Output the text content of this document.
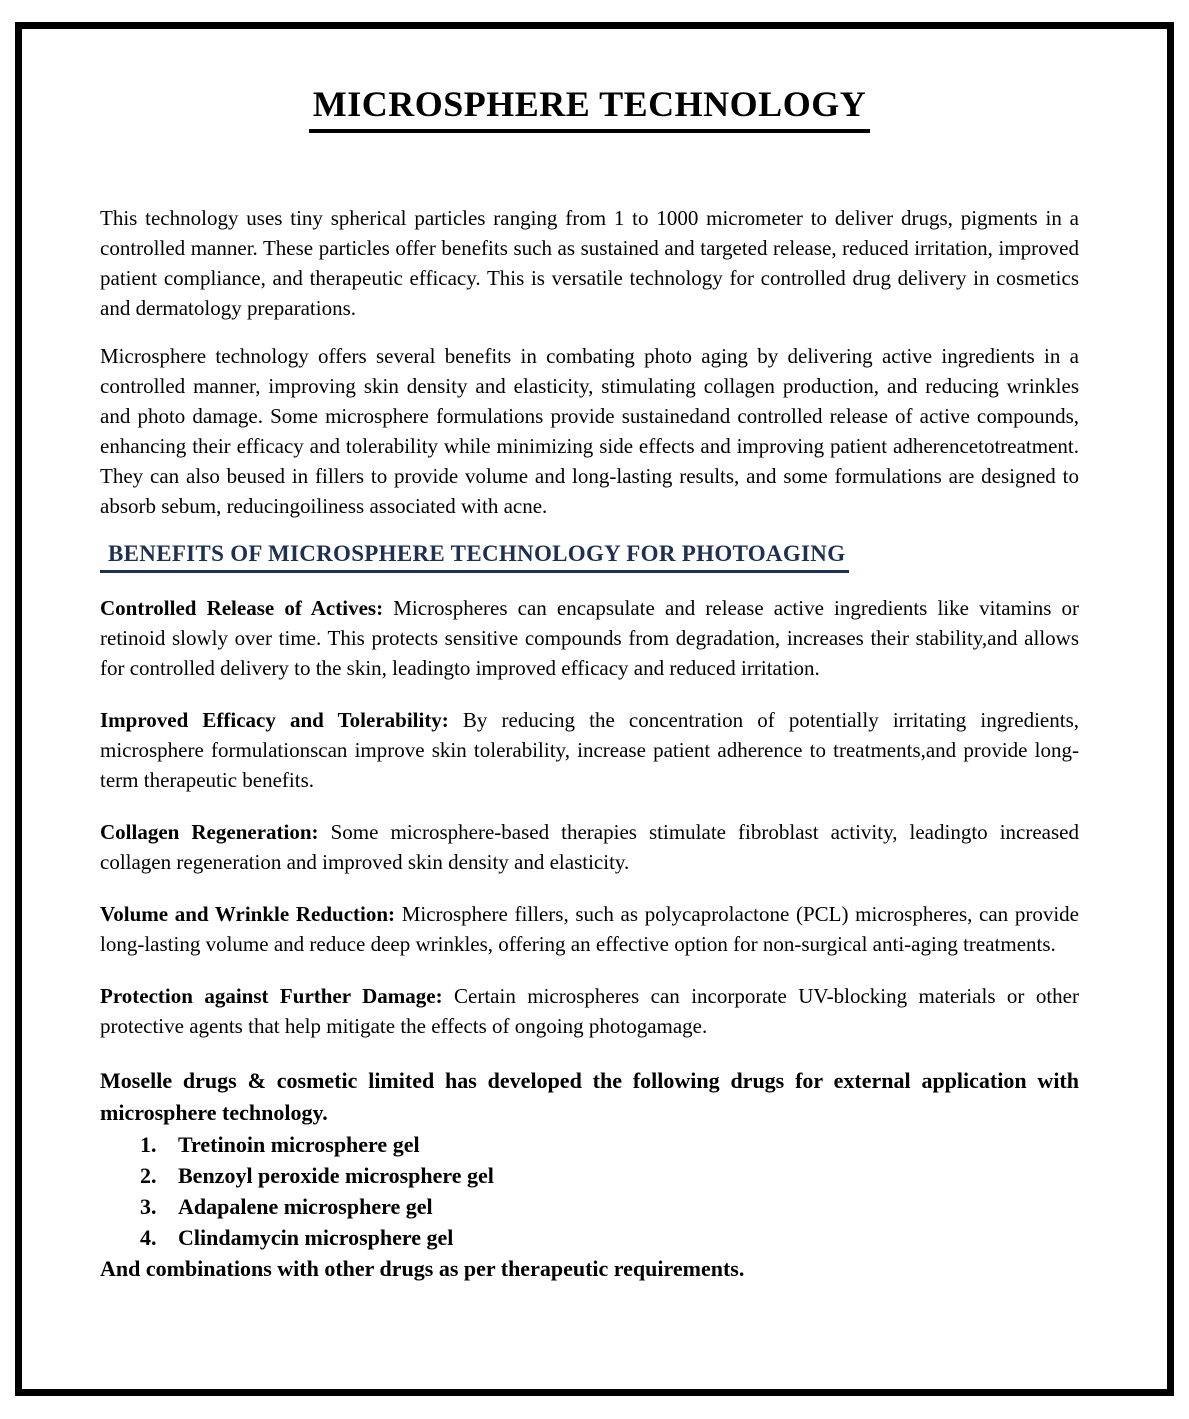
MICROSPHERE TECHNOLOGY

This technology uses tiny spherical particles ranging from 1 to 1000 micrometer to deliver drugs, pigments in a controlled manner. These particles offer benefits such as sustained and targeted release, reduced irritation, improved patient compliance, and therapeutic efficacy. This is versatile technology for controlled drug delivery in cosmetics and dermatology preparations.

Microsphere technology offers several benefits in combating photo aging by delivering active ingredients in a controlled manner, improving skin density and elasticity, stimulating collagen production, and reducing wrinkles and photo damage. Some microsphere formulations provide sustainedand controlled release of active compounds, enhancing their efficacy and tolerability while minimizing side effects and improving patient adherencetotreatment. They can also beused in fillers to provide volume and long-lasting results, and some formulations are designed to absorb sebum, reducingoiliness associated with acne.

BENEFITS OF MICROSPHERE TECHNOLOGY FOR PHOTOAGING

Controlled Release of Actives: Microspheres can encapsulate and release active ingredients like vitamins or retinoid slowly over time. This protects sensitive compounds from degradation, increases their stability,and allows for controlled delivery to the skin, leadingto improved efficacy and reduced irritation.

Improved Efficacy and Tolerability: By reducing the concentration of potentially irritating ingredients, microsphere formulationscan improve skin tolerability, increase patient adherence to treatments,and provide long-term therapeutic benefits.

Collagen Regeneration: Some microsphere-based therapies stimulate fibroblast activity, leadingto increased collagen regeneration and improved skin density and elasticity.

Volume and Wrinkle Reduction: Microsphere fillers, such as polycaprolactone (PCL) microspheres, can provide long-lasting volume and reduce deep wrinkles, offering an effective option for non-surgical anti-aging treatments.

Protection against Further Damage: Certain microspheres can incorporate UV-blocking materials or other protective agents that help mitigate the effects of ongoing photogamage.

Moselle drugs & cosmetic limited has developed the following drugs for external application with microsphere technology.

1. Tretinoin microsphere gel
2. Benzoyl peroxide microsphere gel
3. Adapalene microsphere gel
4. Clindamycin microsphere gel

And combinations with other drugs as per therapeutic requirements.
